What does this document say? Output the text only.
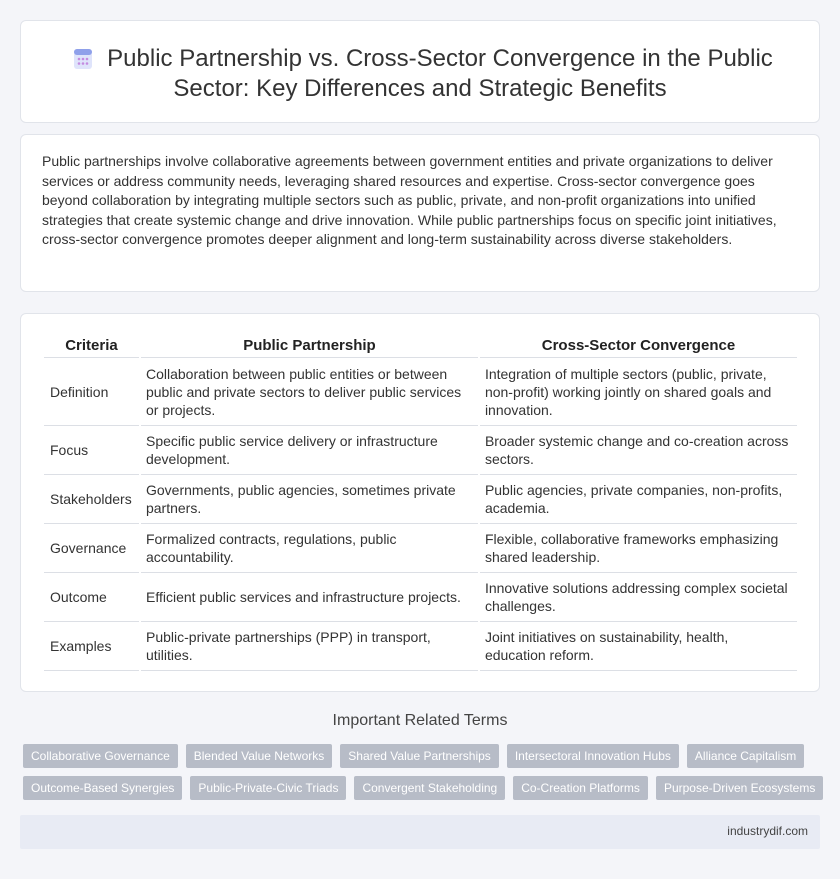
Public Partnership vs. Cross-Sector Convergence in the Public
Sector: Key Differences and Strategic Benefits

Public partnerships involve collaborative agreements between government entities and private organizations to deliver services or address community needs, leveraging shared resources and expertise. Cross-sector convergence goes beyond collaboration by integrating multiple sectors such as public, private, and non-profit organizations into unified strategies that create systemic change and drive innovation. While public partnerships focus on specific joint initiatives, cross-sector convergence promotes deeper alignment and long-term sustainability across diverse stakeholders.

Criteria	Public Partnership	Cross-Sector Convergence
Definition	Collaboration between public entities or between public and private sectors to deliver public services or projects.	Integration of multiple sectors (public, private, non-profit) working jointly on shared goals and innovation.
Focus	Specific public service delivery or infrastructure development.	Broader systemic change and co-creation across sectors.
Stakeholders	Governments, public agencies, sometimes private partners.	Public agencies, private companies, non-profits, academia.
Governance	Formalized contracts, regulations, public accountability.	Flexible, collaborative frameworks emphasizing shared leadership.
Outcome	Efficient public services and infrastructure projects.	Innovative solutions addressing complex societal challenges.
Examples	Public-private partnerships (PPP) in transport, utilities.	Joint initiatives on sustainability, health, education reform.
Important Related Terms
Collaborative Governance	Blended Value Networks	Shared Value Partnerships	Intersectoral Innovation Hubs	Alliance Capitalism
Outcome-Based Synergies	Public-Private-Civic Triads	Convergent Stakeholding	Co-Creation Platforms	Purpose-Driven Ecosystems
industrydif.com
